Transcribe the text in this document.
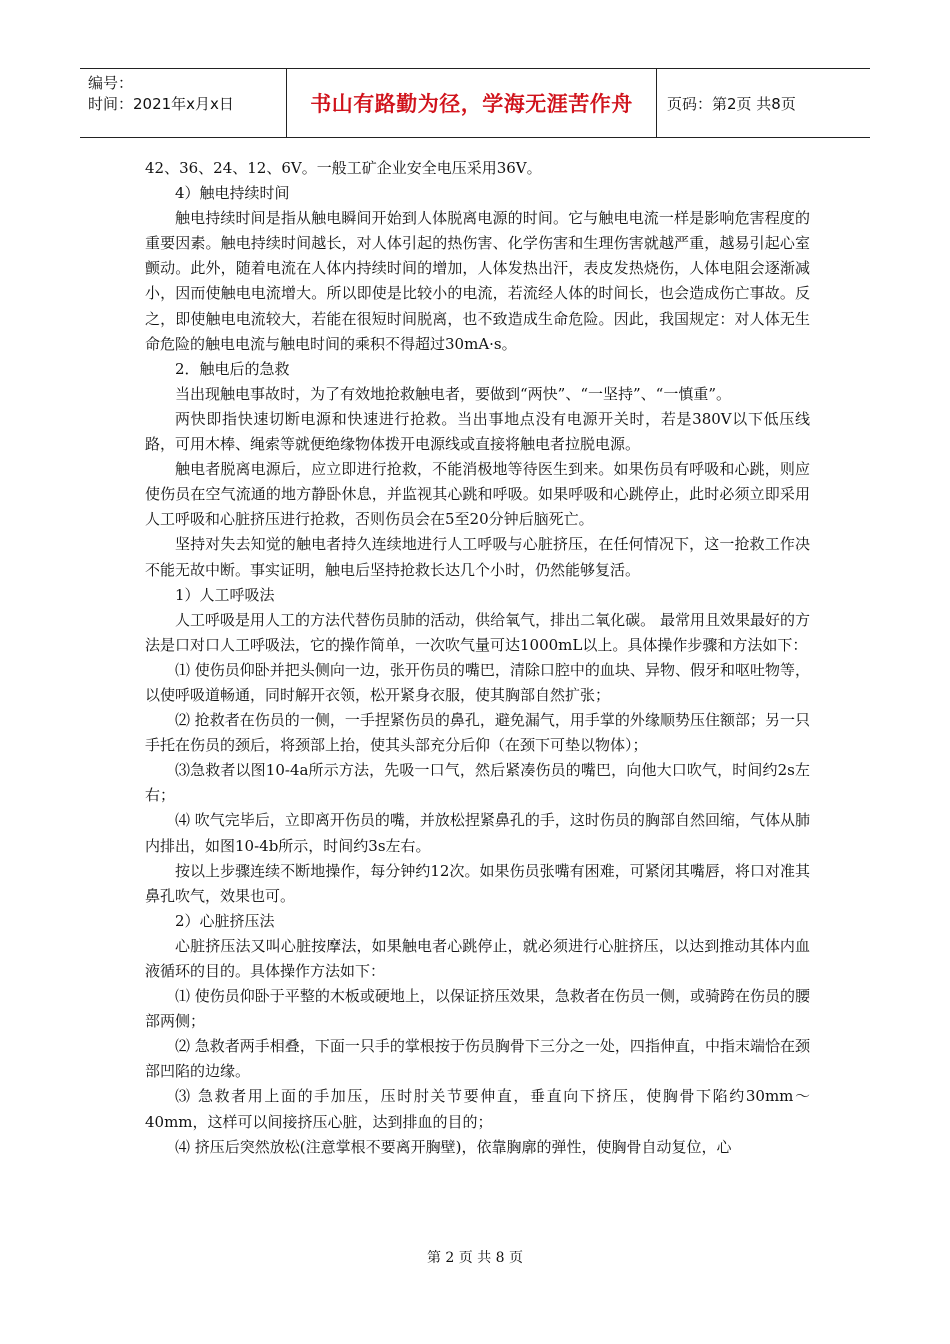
编号：
时间：2021年x月x日	书山有路勤为径，学海无涯苦作舟	页码：第2页 共8页

42、36、24、12、6V。一般工矿企业安全电压采用36V。

4）触电持续时间

触电持续时间是指从触电瞬间开始到人体脱离电源的时间。它与触电电流一样是影响危害程度的重要因素。触电持续时间越长，对人体引起的热伤害、化学伤害和生理伤害就越严重，越易引起心室颤动。此外，随着电流在人体内持续时间的增加，人体发热出汗，表皮发热烧伤，人体电阻会逐渐减小，因而使触电电流增大。所以即使是比较小的电流，若流经人体的时间长，也会造成伤亡事故。反之，即使触电电流较大，若能在很短时间脱离，也不致造成生命危险。因此，我国规定：对人体无生命危险的触电电流与触电时间的乘积不得超过30mA·s。

2．触电后的急救

当出现触电事故时，为了有效地抢救触电者，要做到“两快”、“一坚持”、“一慎重”。

两快即指快速切断电源和快速进行抢救。当出事地点没有电源开关时，若是380V以下低压线路，可用木棒、绳索等就便绝缘物体拨开电源线或直接将触电者拉脱电源。

触电者脱离电源后，应立即进行抢救，不能消极地等待医生到来。如果伤员有呼吸和心跳，则应使伤员在空气流通的地方静卧休息，并监视其心跳和呼吸。如果呼吸和心跳停止，此时必须立即采用人工呼吸和心脏挤压进行抢救，否则伤员会在5至20分钟后脑死亡。

坚持对失去知觉的触电者持久连续地进行人工呼吸与心脏挤压，在任何情况下，这一抢救工作决不能无故中断。事实证明，触电后坚持抢救长达几个小时，仍然能够复活。

1）人工呼吸法

人工呼吸是用人工的方法代替伤员肺的活动，供给氧气，排出二氧化碳。 最常用且效果最好的方法是口对口人工呼吸法，它的操作简单，一次吹气量可达1000mL以上。具体操作步骤和方法如下：

⑴ 使伤员仰卧并把头侧向一边，张开伤员的嘴巴，清除口腔中的血块、异物、假牙和呕吐物等，以使呼吸道畅通，同时解开衣领，松开紧身衣服，使其胸部自然扩张；

⑵ 抢救者在伤员的一侧，一手捏紧伤员的鼻孔，避免漏气，用手掌的外缘顺势压住额部；另一只手托在伤员的颈后，将颈部上抬，使其头部充分后仰（在颈下可垫以物体）；

⑶急救者以图10-4a所示方法，先吸一口气，然后紧凑伤员的嘴巴，向他大口吹气，时间约2s左右；

⑷ 吹气完毕后，立即离开伤员的嘴，并放松捏紧鼻孔的手，这时伤员的胸部自然回缩，气体从肺内排出，如图10-4b所示，时间约3s左右。

按以上步骤连续不断地操作，每分钟约12次。如果伤员张嘴有困难，可紧闭其嘴唇，将口对准其鼻孔吹气，效果也可。

2）心脏挤压法

心脏挤压法又叫心脏按摩法，如果触电者心跳停止，就必须进行心脏挤压，以达到推动其体内血液循环的目的。具体操作方法如下：

⑴ 使伤员仰卧于平整的木板或硬地上，以保证挤压效果，急救者在伤员一侧，或骑跨在伤员的腰部两侧；

⑵ 急救者两手相叠，下面一只手的掌根按于伤员胸骨下三分之一处，四指伸直，中指末端恰在颈部凹陷的边缘。

⑶ 急救者用上面的手加压，压时肘关节要伸直，垂直向下挤压，使胸骨下陷约30mm～40mm，这样可以间接挤压心脏，达到排血的目的；

⑷ 挤压后突然放松(注意掌根不要离开胸壁)，依靠胸廓的弹性，使胸骨自动复位，心

第 2 页 共 8 页
